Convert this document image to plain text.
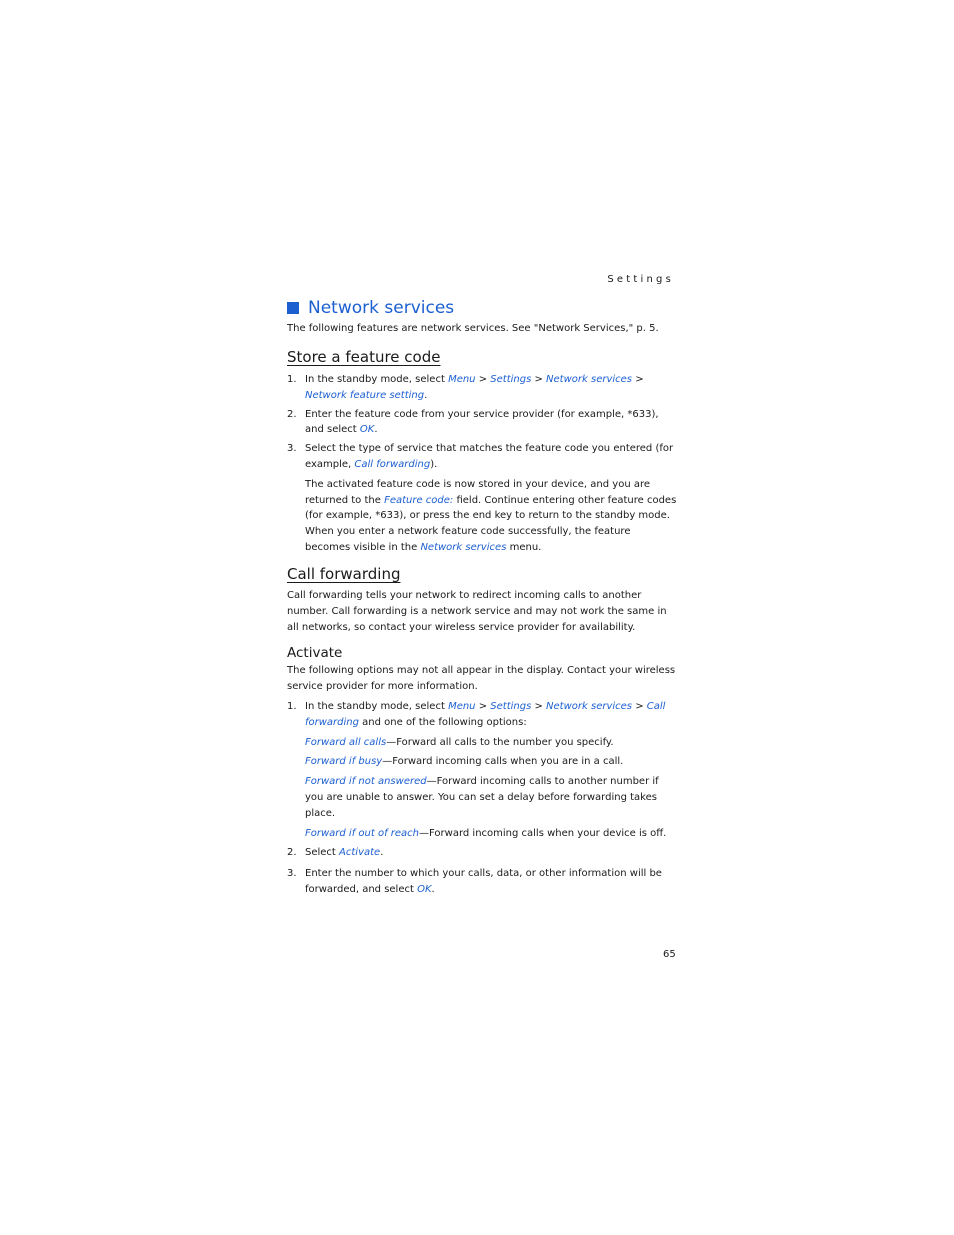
Settings
Network services

The following features are network services. See "Network Services," p. 5.

Store a feature code
1. In the standby mode, select Menu > Settings > Network services > Network feature setting.
2. Enter the feature code from your service provider (for example, *633), and select OK.
3. Select the type of service that matches the feature code you entered (for example, Call forwarding).
The activated feature code is now stored in your device, and you are returned to the Feature code: field. Continue entering other feature codes (for example, *633), or press the end key to return to the standby mode. When you enter a network feature code successfully, the feature becomes visible in the Network services menu.
Call forwarding

Call forwarding tells your network to redirect incoming calls to another number. Call forwarding is a network service and may not work the same in all networks, so contact your wireless service provider for availability.

Activate

The following options may not all appear in the display. Contact your wireless service provider for more information.

1. In the standby mode, select Menu > Settings > Network services > Call forwarding and one of the following options:
Forward all calls—Forward all calls to the number you specify.
Forward if busy—Forward incoming calls when you are in a call.
Forward if not answered—Forward incoming calls to another number if you are unable to answer. You can set a delay before forwarding takes place.
Forward if out of reach—Forward incoming calls when your device is off.
2. Select Activate.
3. Enter the number to which your calls, data, or other information will be forwarded, and select OK.
65
